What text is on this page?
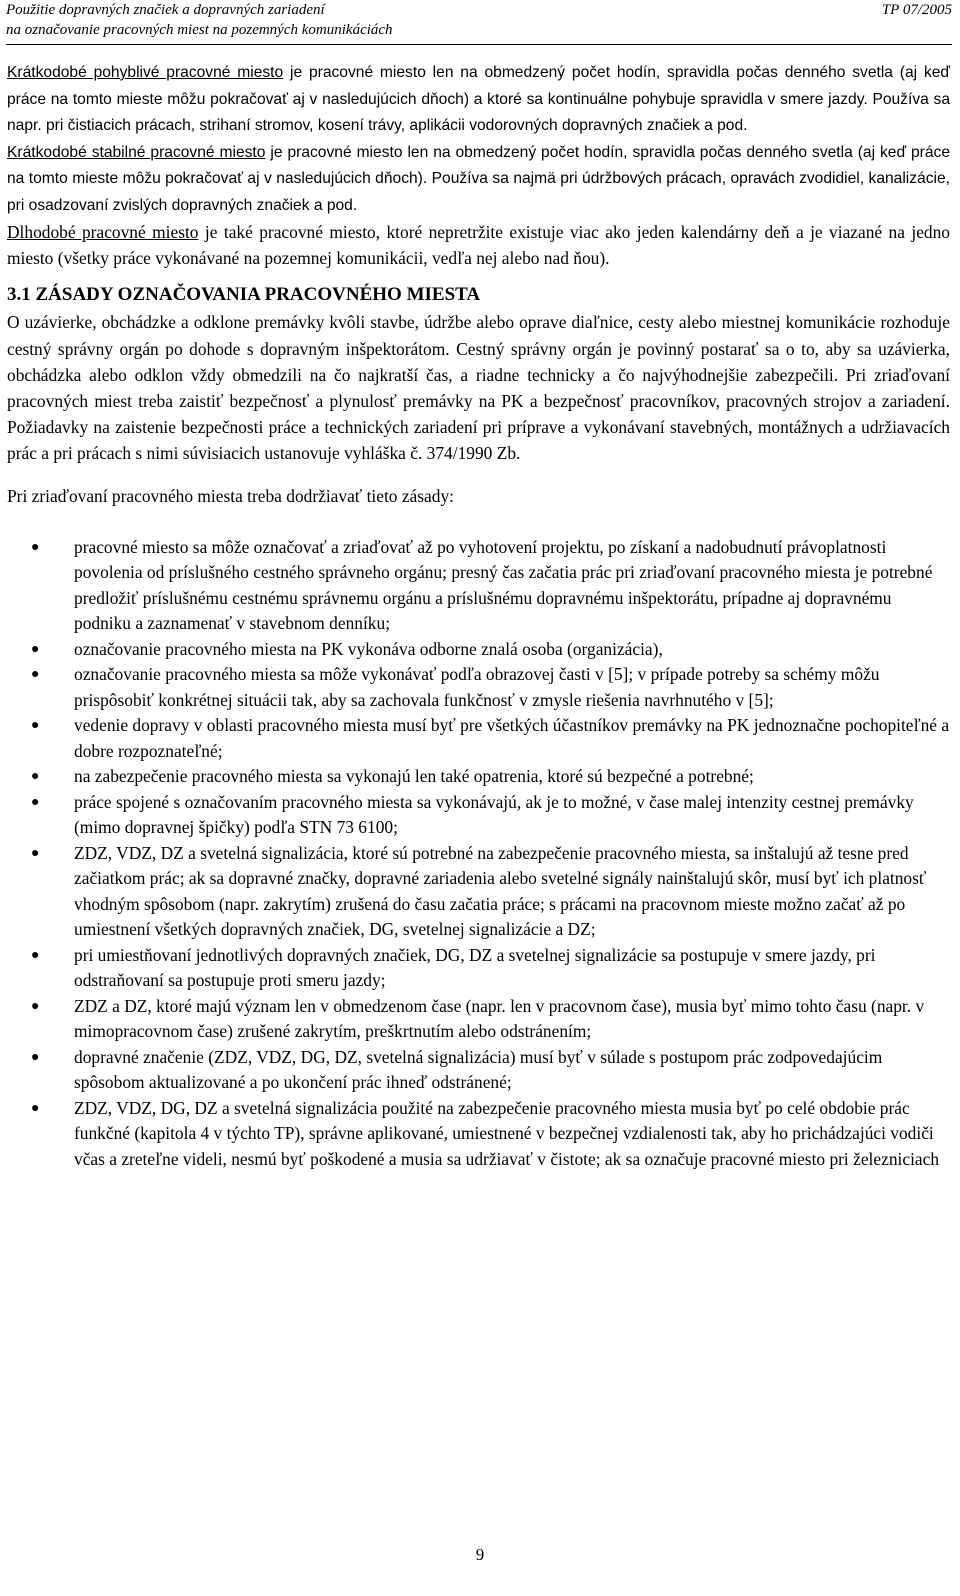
Použitie dopravných značiek a dopravných zariadení
na označovanie pracovných miest na pozemných komunikáciách
TP 07/2005

Krátkodobé pohyblivé pracovné miesto je pracovné miesto len na obmedzený počet hodín, spravidla počas denného svetla (aj keď práce na tomto mieste môžu pokračovať aj v nasledujúcich dňoch) a ktoré sa kontinuálne pohybuje spravidla v smere jazdy. Používa sa napr. pri čistiacich prácach, strihaní stromov, kosení trávy, aplikácii vodorovných dopravných značiek a pod.

Krátkodobé stabilné pracovné miesto je pracovné miesto len na obmedzený počet hodín, spravidla počas denného svetla (aj keď práce na tomto mieste môžu pokračovať aj v nasledujúcich dňoch). Používa sa najmä pri údržbových prácach, opravách zvodidiel, kanalizácie, pri osadzovaní zvislých dopravných značiek a pod.

Dlhodobé pracovné miesto je také pracovné miesto, ktoré nepretržite existuje viac ako jeden kalendárny deň a je viazané na jedno miesto (všetky práce vykonávané na pozemnej komunikácii, vedľa nej alebo nad ňou).

3.1 ZÁSADY OZNAČOVANIA PRACOVNÉHO MIESTA

O uzávierke, obchádzke a odklone premávky kvôli stavbe, údržbe alebo oprave diaľnice, cesty alebo miestnej komunikácie rozhoduje cestný správny orgán po dohode s dopravným inšpektorátom. Cestný správny orgán je povinný postarať sa o to, aby sa uzávierka, obchádzka alebo odklon vždy obmedzili na čo najkratší čas, a riadne technicky a čo najvýhodnejšie zabezpečili. Pri zriaďovaní pracovných miest treba zaistiť bezpečnosť a plynulosť premávky na PK a bezpečnosť pracovníkov, pracovných strojov a zariadení. Požiadavky na zaistenie bezpečnosti práce a technických zariadení pri príprave a vykonávaní stavebných, montážnych a udržiavacích prác a pri prácach s nimi súvisiacich ustanovuje vyhláška č. 374/1990 Zb.

Pri zriaďovaní pracovného miesta treba dodržiavať tieto zásady:

● pracovné miesto sa môže označovať a zriaďovať až po vyhotovení projektu, po získaní a nadobudnutí právoplatnosti povolenia od príslušného cestného správneho orgánu; presný čas začatia prác pri zriaďovaní pracovného miesta je potrebné predložiť príslušnému cestnému správnemu orgánu a príslušnému dopravnému inšpektorátu, prípadne aj dopravnému podniku a zaznamenať v stavebnom denníku;
● označovanie pracovného miesta na PK vykonáva odborne znalá osoba (organizácia),
● označovanie pracovného miesta sa môže vykonávať podľa obrazovej časti v [5]; v prípade potreby sa schémy môžu prispôsobiť konkrétnej situácii tak, aby sa zachovala funkčnosť v zmysle riešenia navrhnutého v [5];
● vedenie dopravy v oblasti pracovného miesta musí byť pre všetkých účastníkov premávky na PK jednoznačne pochopiteľné a dobre rozpoznateľné;
● na zabezpečenie pracovného miesta sa vykonajú len také opatrenia, ktoré sú bezpečné a potrebné;
● práce spojené s označovaním pracovného miesta sa vykonávajú, ak je to možné, v čase malej intenzity cestnej premávky (mimo dopravnej špičky) podľa STN 73 6100;
● ZDZ, VDZ, DZ a svetelná signalizácia, ktoré sú potrebné na zabezpečenie pracovného miesta, sa inštalujú až tesne pred začiatkom prác; ak sa dopravné značky, dopravné zariadenia alebo svetelné signály nainštalujú skôr, musí byť ich platnosť vhodným spôsobom (napr. zakrytím) zrušená do času začatia práce; s prácami na pracovnom mieste možno začať až po umiestnení všetkých dopravných značiek, DG, svetelnej signalizácie a DZ;
● pri umiestňovaní jednotlivých dopravných značiek, DG, DZ a svetelnej signalizácie sa postupuje v smere jazdy, pri odstraňovaní sa postupuje proti smeru jazdy;
● ZDZ a DZ, ktoré majú význam len v obmedzenom čase (napr. len v pracovnom čase), musia byť mimo tohto času (napr. v mimopracovnom čase) zrušené zakrytím, preškrtnutím alebo odstránením;
● dopravné značenie (ZDZ, VDZ, DG, DZ, svetelná signalizácia) musí byť v súlade s postupom prác zodpovedajúcim spôsobom aktualizované a po ukončení prác ihneď odstránené;
● ZDZ, VDZ, DG, DZ a svetelná signalizácia použité na zabezpečenie pracovného miesta musia byť po celé obdobie prác funkčné (kapitola 4 v týchto TP), správne aplikované, umiestnené v bezpečnej vzdialenosti tak, aby ho prichádzajúci vodiči včas a zreteľne videli, nesmú byť poškodené a musia sa udržiavať v čistote; ak sa označuje pracovné miesto pri železniciach
9
